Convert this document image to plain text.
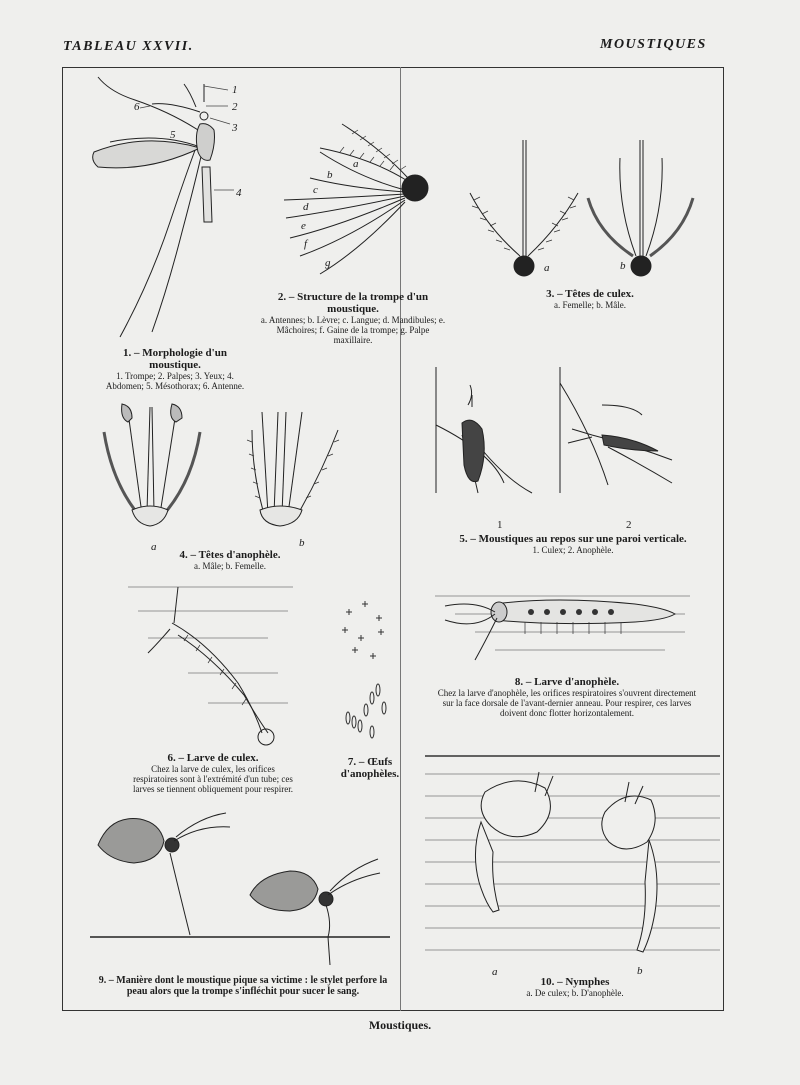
TABLEAU XXVII.	MOUSTIQUES
1
2
3
4
5
6
1. – Morphologie d'un moustique.
1. Trompe; 2. Palpes; 3. Yeux; 4. Abdomen; 5. Mésothorax; 6. Antenne.
a
b
c
d
e
f
g
2. – Structure de la trompe d'un moustique.
a. Antennes; b. Lèvre; c. Langue; d. Mandibules; e. Mâchoires; f. Gaine de la trompe; g. Palpe maxillaire.
a	b
3. – Têtes de culex.
a. Femelle; b. Mâle.
a	b
4. – Têtes d'anophèle.
a. Mâle; b. Femelle.
1	2
5. – Moustiques au repos sur une paroi verticale.
1. Culex; 2. Anophèle.
6. – Larve de culex.
Chez la larve de culex, les orifices respiratoires sont à l'extrémité d'un tube; ces larves se tiennent obliquement pour respirer.
7. – Œufs d'anophèles.
8. – Larve d'anophèle.
Chez la larve d'anophèle, les orifices respiratoires s'ouvrent directement sur la face dorsale de l'avant-dernier anneau. Pour respirer, ces larves doivent donc flotter horizontalement.
9. – Manière dont le moustique pique sa victime : le stylet perfore la peau alors que la trompe s'infléchit pour sucer le sang.
a	b
10. – Nymphes
a. De culex; b. D'anophèle.
Moustiques.
